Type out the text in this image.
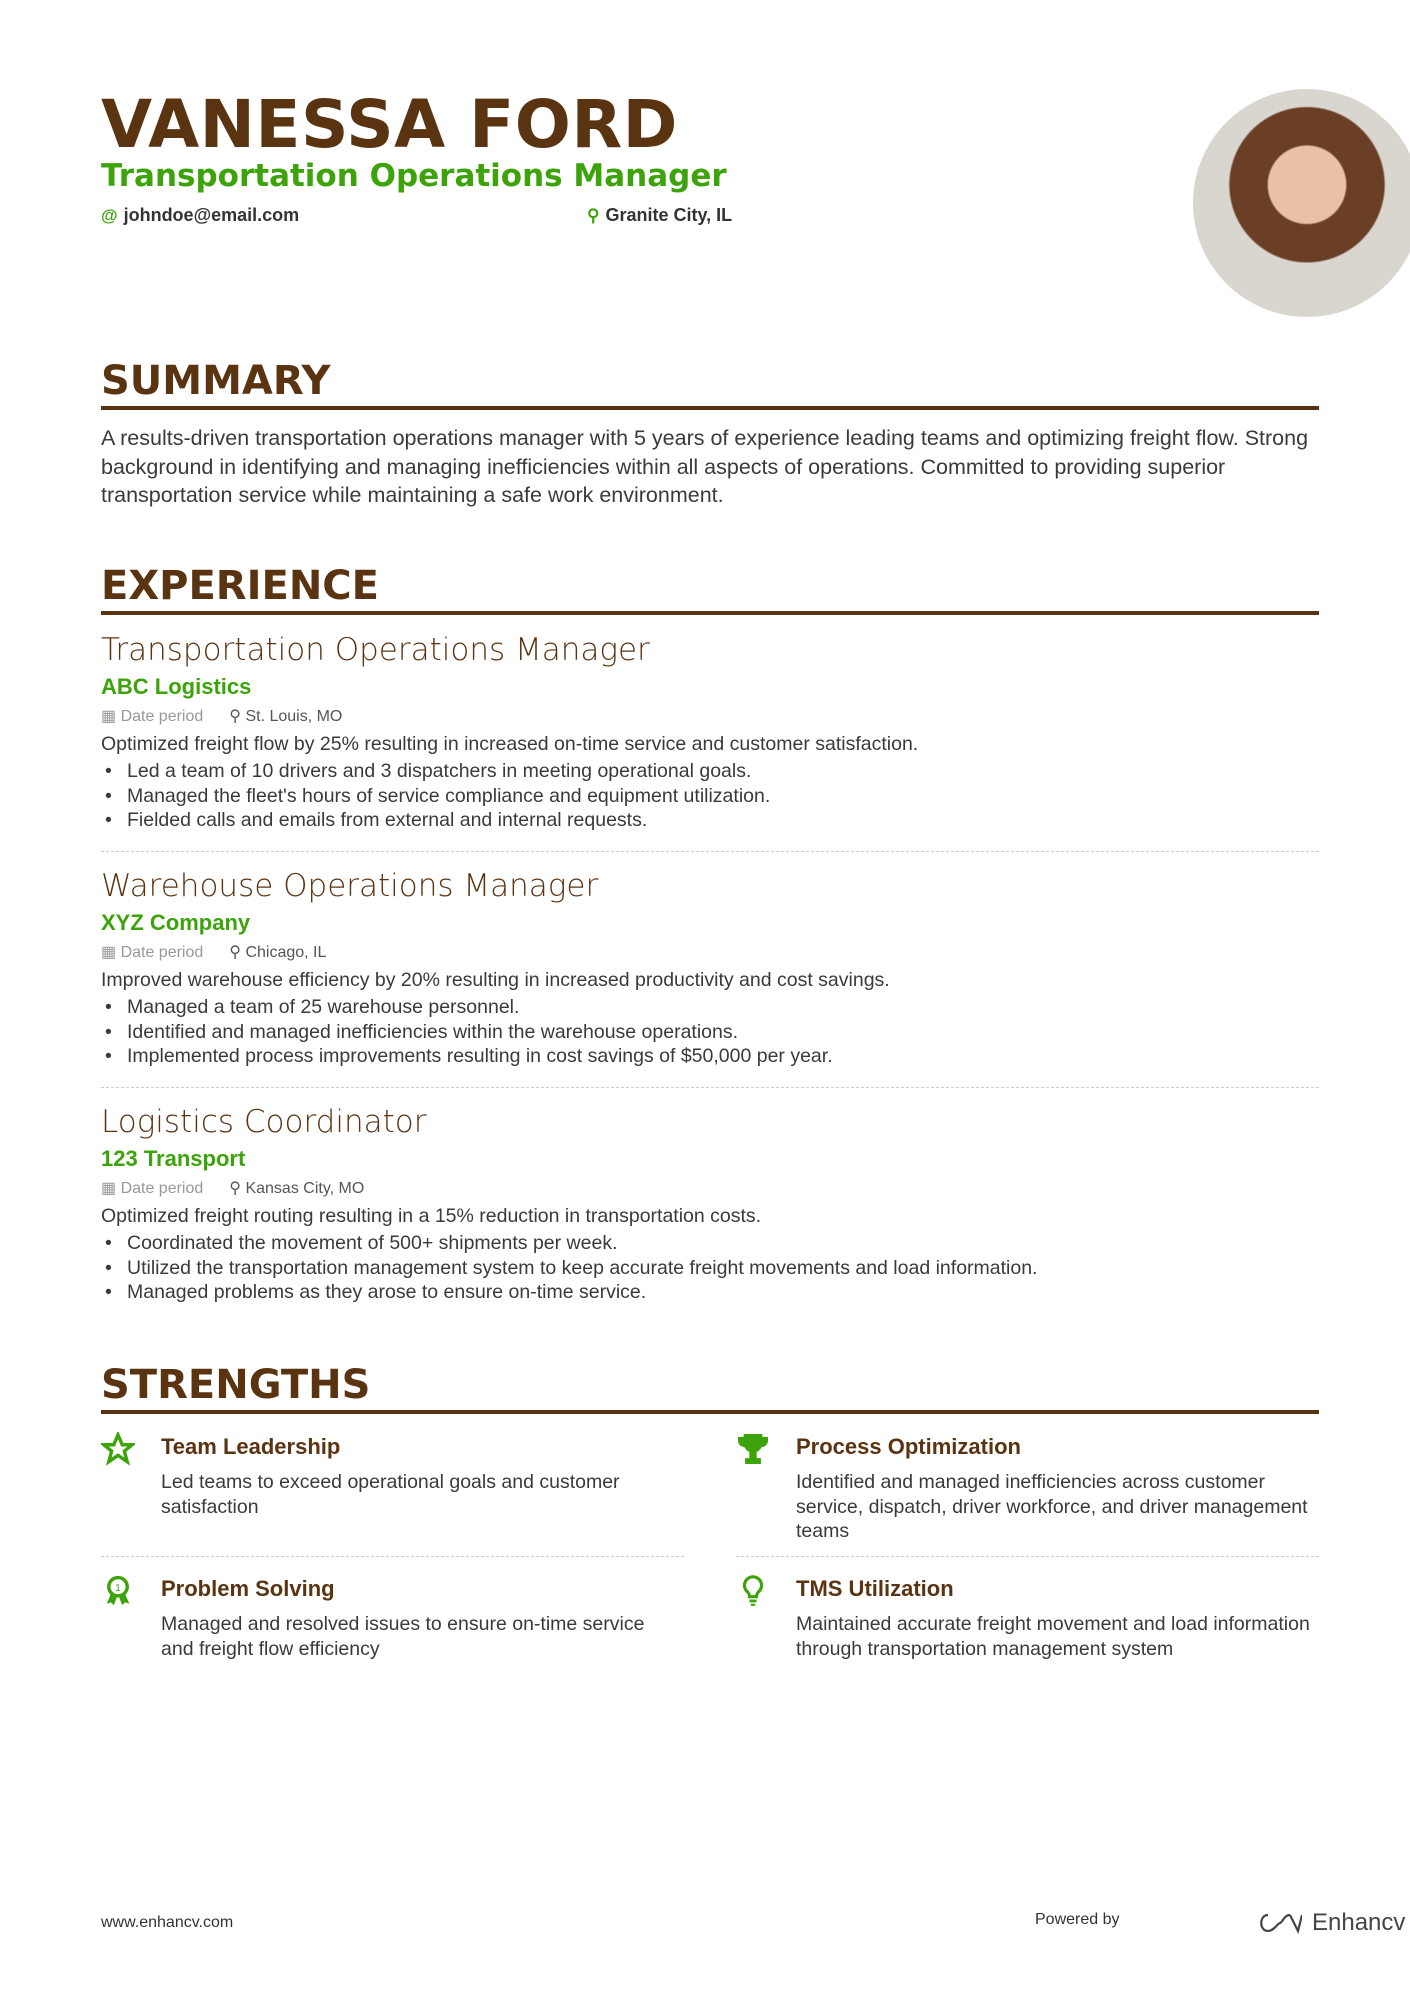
VANESSA FORD
Transportation Operations Manager
@ johndoe@email.com	⚲ Granite City, IL
SUMMARY
A results-driven transportation operations manager with 5 years of experience leading teams and optimizing freight flow. Strong background in identifying and managing inefficiencies within all aspects of operations. Committed to providing superior transportation service while maintaining a safe work environment.
EXPERIENCE
Transportation Operations Manager
ABC Logistics
▦ Date period ⚲ St. Louis, MO
Optimized freight flow by 25% resulting in increased on-time service and customer satisfaction.
• Led a team of 10 drivers and 3 dispatchers in meeting operational goals.
• Managed the fleet's hours of service compliance and equipment utilization.
• Fielded calls and emails from external and internal requests.
Warehouse Operations Manager
XYZ Company
▦ Date period ⚲ Chicago, IL
Improved warehouse efficiency by 20% resulting in increased productivity and cost savings.
• Managed a team of 25 warehouse personnel.
• Identified and managed inefficiencies within the warehouse operations.
• Implemented process improvements resulting in cost savings of $50,000 per year.
Logistics Coordinator
123 Transport
▦ Date period ⚲ Kansas City, MO
Optimized freight routing resulting in a 15% reduction in transportation costs.
• Coordinated the movement of 500+ shipments per week.
• Utilized the transportation management system to keep accurate freight movements and load information.
• Managed problems as they arose to ensure on-time service.
STRENGTHS
Team Leadership
Led teams to exceed operational goals and customer satisfaction
Process Optimization
Identified and managed inefficiencies across customer service, dispatch, driver workforce, and driver management teams
1 Problem Solving
Managed and resolved issues to ensure on-time service and freight flow efficiency
TMS Utilization
Maintained accurate freight movement and load information through transportation management system
www.enhancv.com	Powered by	Enhancv
